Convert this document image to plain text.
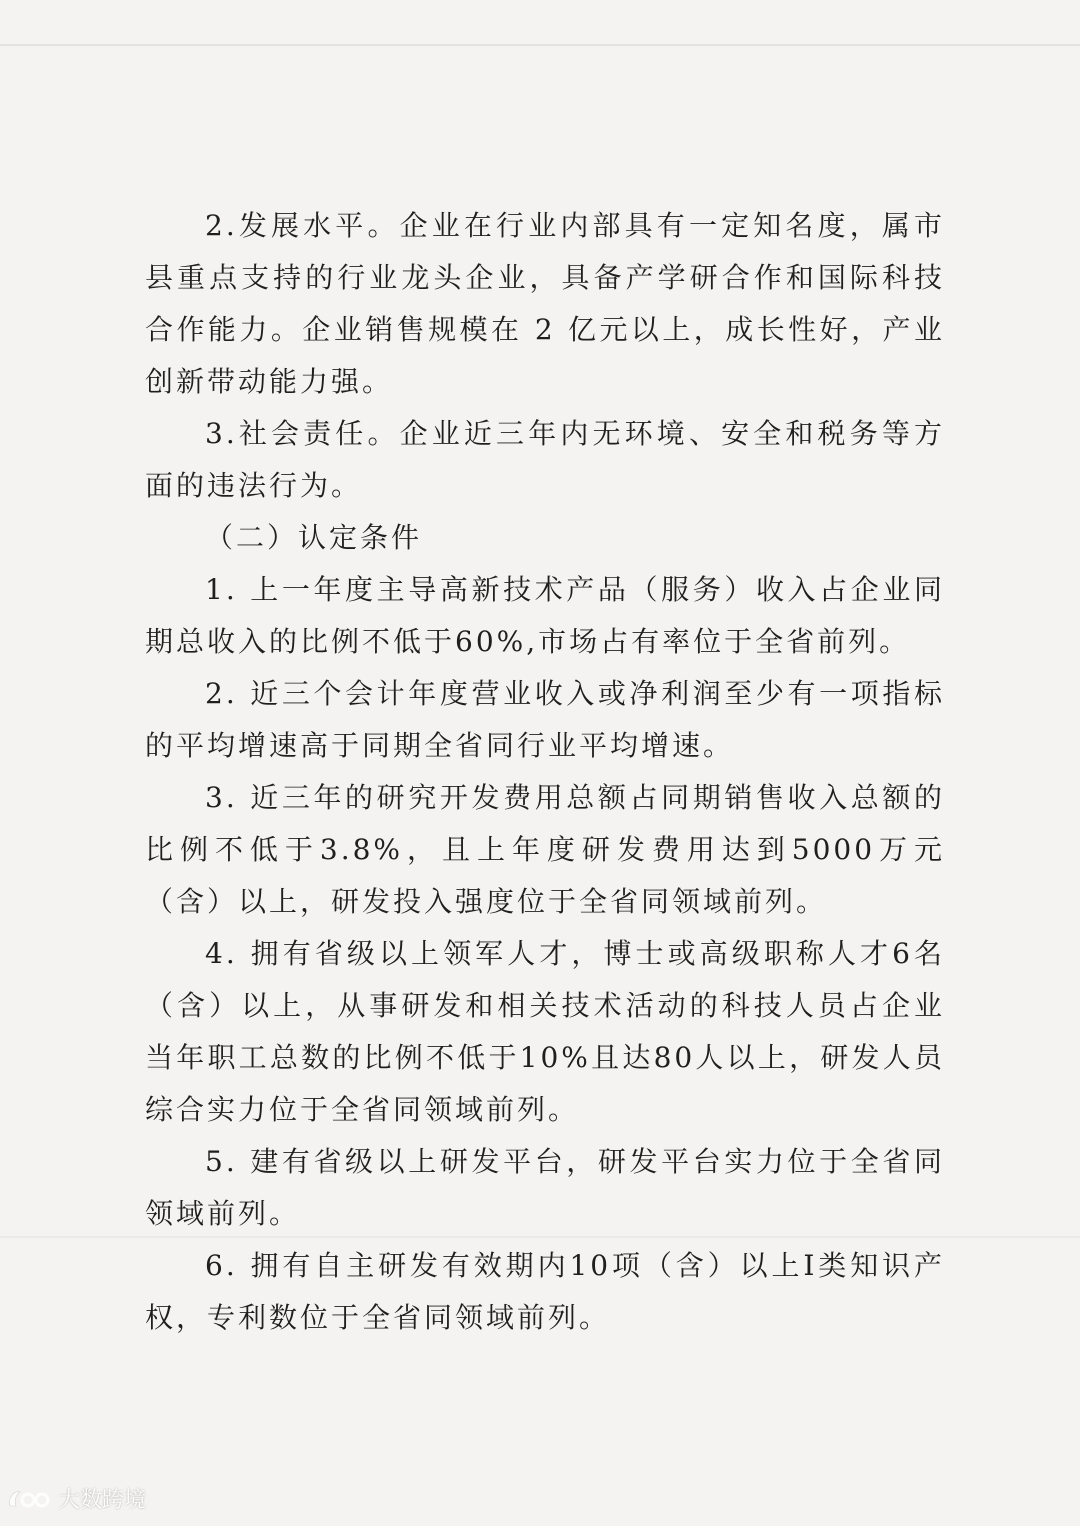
2.发展水平。企业在行业内部具有一定知名度，属市县重点支持的行业龙头企业，具备产学研合作和国际科技合作能力。企业销售规模在 2 亿元以上，成长性好，产业创新带动能力强。

3.社会责任。企业近三年内无环境、安全和税务等方面的违法行为。

（二）认定条件

1. 上一年度主导高新技术产品（服务）收入占企业同期总收入的比例不低于60%,市场占有率位于全省前列。

2. 近三个会计年度营业收入或净利润至少有一项指标的平均增速高于同期全省同行业平均增速。

3. 近三年的研究开发费用总额占同期销售收入总额的比例不低于3.8%，且上年度研发费用达到5000万元（含）以上，研发投入强度位于全省同领域前列。

4. 拥有省级以上领军人才，博士或高级职称人才6名（含）以上，从事研发和相关技术活动的科技人员占企业当年职工总数的比例不低于10%且达80人以上，研发人员综合实力位于全省同领域前列。

5. 建有省级以上研发平台，研发平台实力位于全省同领域前列。

6. 拥有自主研发有效期内10项（含）以上I类知识产权，专利数位于全省同领域前列。

大数跨境
